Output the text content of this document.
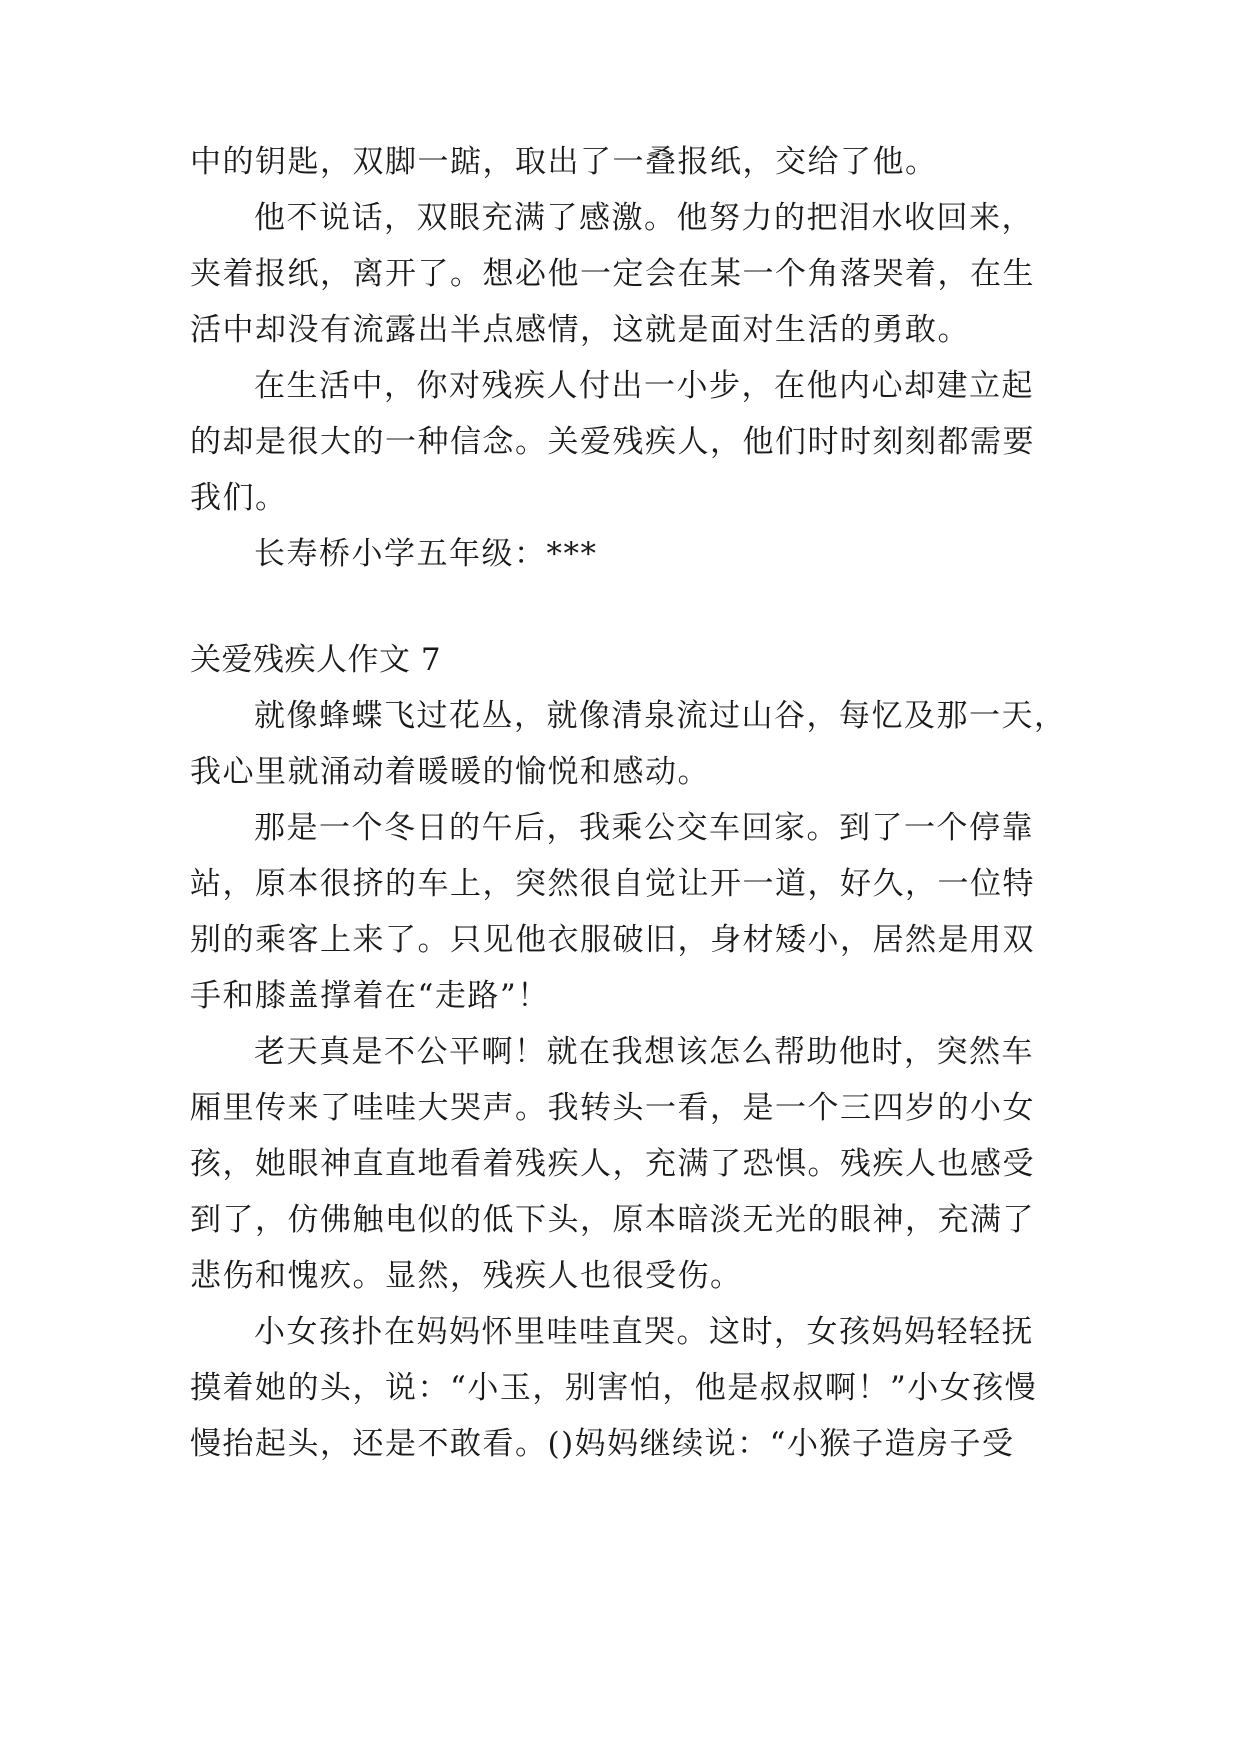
中的钥匙，双脚一踮，取出了一叠报纸，交给了他。
他不说话，双眼充满了感激。他努力的把泪水收回来，
夹着报纸，离开了。想必他一定会在某一个角落哭着，在生
活中却没有流露出半点感情，这就是面对生活的勇敢。
在生活中，你对残疾人付出一小步，在他内心却建立起
的却是很大的一种信念。关爱残疾人，他们时时刻刻都需要
我们。
长寿桥小学五年级：***
关爱残疾人作文 7
就像蜂蝶飞过花丛，就像清泉流过山谷，每忆及那一天，
我心里就涌动着暖暖的愉悦和感动。
那是一个冬日的午后，我乘公交车回家。到了一个停靠
站，原本很挤的车上，突然很自觉让开一道，好久，一位特
别的乘客上来了。只见他衣服破旧，身材矮小，居然是用双
手和膝盖撑着在“走路”！
老天真是不公平啊！就在我想该怎么帮助他时，突然车
厢里传来了哇哇大哭声。我转头一看，是一个三四岁的小女
孩，她眼神直直地看着残疾人，充满了恐惧。残疾人也感受
到了，仿佛触电似的低下头，原本暗淡无光的眼神，充满了
悲伤和愧疚。显然，残疾人也很受伤。
小女孩扑在妈妈怀里哇哇直哭。这时，女孩妈妈轻轻抚
摸着她的头，说：“小玉，别害怕，他是叔叔啊！”小女孩慢
慢抬起头，还是不敢看。()妈妈继续说：“小猴子造房子受
